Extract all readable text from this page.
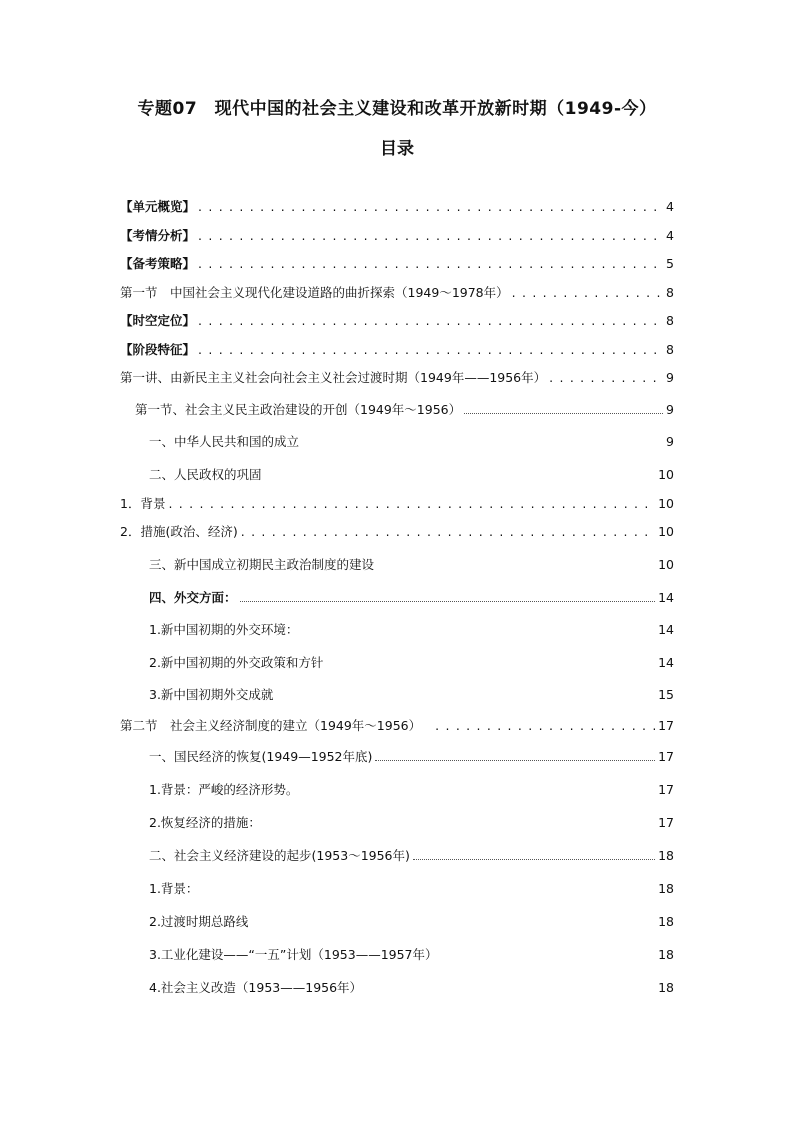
专题07　现代中国的社会主义建设和改革开放新时期（1949-今）
目录
【单元概览】 . . .	4
【考情分析】 . . .	4
【备考策略】 . . .	5
第一节　中国社会主义现代化建设道路的曲折探索（1949～1978年） . . .	8
【时空定位】 . . .	8
【阶段特征】 . . .	8
第一讲、由新民主主义社会向社会主义社会过渡时期（1949年——1956年） . . .	9
第一节、社会主义民主政治建设的开创（1949年～1956）	9
一、中华人民共和国的成立	9
二、人民政权的巩固	10
1．背景 . . .	10
2．措施(政治、经济) . . .	10
三、新中国成立初期民主政治制度的建设	10
四、外交方面：	14
1.新中国初期的外交环境：	14
2.新中国初期的外交政策和方针	14
3.新中国初期外交成就	15
第二节　社会主义经济制度的建立（1949年～1956） . . .	17
一、国民经济的恢复(1949—1952年底)	17
1.背景：严峻的经济形势。	17
2.恢复经济的措施：	17
二、社会主义经济建设的起步(1953～1956年)	18
1.背景：	18
2.过渡时期总路线	18
3.工业化建设——“一五”计划（1953——1957年）	18
4.社会主义改造（1953——1956年）	18
